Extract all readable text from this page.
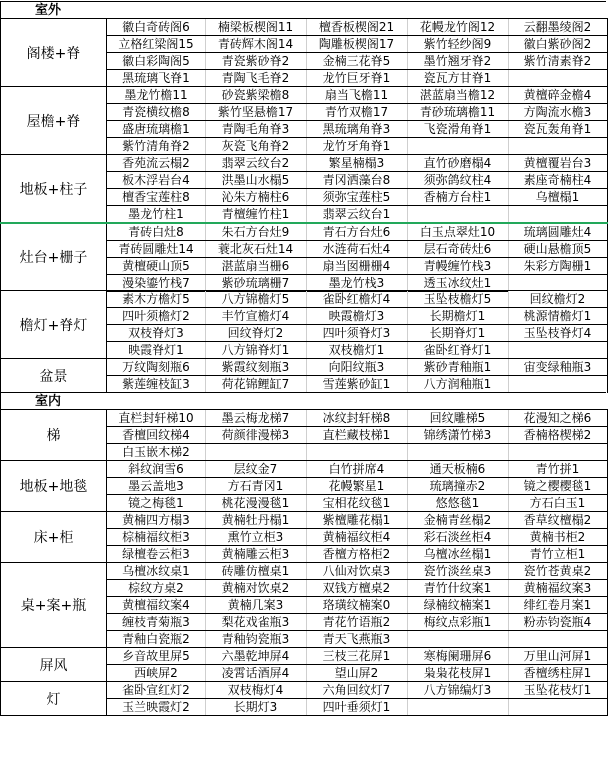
室外
阁楼+脊
徽白奇砖阁6	楠梁板楔阁11	檀香板楔阁21	花幔龙竹阁12	云翻墨绫阁2
立格红梁阁15	青砖辉木阁14	陶雕板楔阁17	紫竹轻纱阁9	徽白紫砂阁2
徽白彩陶阁5	青瓷紫砂脊2	金楠三花脊5	墨竹翘牙脊2	紫竹清素脊2
黑琉璃飞脊1	青陶飞毛脊2	龙竹巨牙脊1	瓷瓦方甘脊1
屋檐+脊
墨龙竹檐11	砂瓷紫梁檐8	扇当飞檐11	湛蓝扇当檐12	黄檀碎金檐4
青瓷横纹檐8	紫竹坚悬檐17	青竹双檐17	青砂琉璃檐11	方陶流水檐3
盛唐琉璃檐1	青陶毛角脊3	黑琉璃角脊3	飞瓷滑角脊1	瓷瓦轰角脊1
紫竹清角脊2	灰瓷飞角脊2	龙竹牙角脊1
地板+柱子
香苑流云榻2	翡翠云纹台2	繁星楠榻3	直竹砂磨榻4	黄檀覆岩台3
板木浮岩台4	洪墨山水榻5	青冈洒藻台8	须弥鸽纹柱4	素座奇楠柱4
檀香宝莲柱8	沁朱方楠柱6	须弥宝莲柱5	香楠方台柱1	乌檀榻1
墨龙竹柱1	青檀缠竹柱1	翡翠云纹台1
灶台+栅子
青砖白灶8	朱石方台灶9	青石方台灶6	白玉点翠灶10	琉璃圆雕灶4
青砖圆雕灶14	蓑北灰石灶14	水涟荷石灶4	层石奇砖灶6	硬山悬檐顶5
黄檀硬山顶5	湛蓝扇当栅6	扇当囡栅栅4	青幔缠竹栈3	朱彩方陶栅1
漫染鎏竹栈7	紫砂琉璃栅7	墨龙竹栈3	透玉冰纹灶1
檐灯+脊灯
素木方檐灯5	八方锦檐灯5	雀卧红檐灯4	玉坠枝檐灯5	回纹檐灯2
四叶须檐灯2	丰竹宣檐灯4	映霞檐灯3	长期檐灯1	桃源情檐灯1
双枝脊灯3	回纹脊灯2	四叶须脊灯3	长期脊灯1	玉坠枝脊灯4
映霞脊灯1	八方锦脊灯1	双枝檐灯1	雀卧红脊灯1
盆景
万纹陶刻瓶6	紫霞纹刻瓶3	向阳纹瓶3	紫砂青釉瓶1	宙变绿釉瓶3
紫莲缠枝缸3	荷花锦鲤缸7	雪莲紫砂缸1	八方润釉瓶1
室内
梯
直栏封轩梯10	墨云梅龙梯7	冰纹封轩梯8	回纹雕梯5	花漫知之梯6
香檀回纹梯4	荷颜徘漫梯3	直栏藏枝梯1	锦绣潇竹梯3	香楠格楔梯2
白玉嵌木梯2
地板+地毯
斜纹润雪6	层纹金7	白竹拼席4	通天板楠6	青竹拼1
墨云盖地3	方石青冈1	花幔繁星1	琉璃撞赤2	镜之樱樱毯1
镜之梅毯1	桃花漫漫毯1	宝相花纹毯1	悠悠毯1	方石白玉1
床+柜
黄楠四方榻3	黄楠牡丹榻1	紫檀雕花榻1	金楠青丝榻2	香草纹檀榻2
棕楠福纹柜3	熏竹立柜3	黄楠福纹柜4	彩石淡丝柜4	黄楠书柜2
绿檀卷云柜3	黄楠雕云柜3	香檀方格柜2	乌檀冰丝榻1	青竹立柜1
桌+案+瓶
乌檀冰纹桌1	砖雕仿檀桌1	八仙对饮桌3	瓷竹淡丝桌3	瓷竹苍黄桌2
棕纹方桌2	黄楠对饮桌2	双钱方檀桌2	青竹什纹案1	黄楠福纹案3
黄檀福纹案4	黄楠几案3	珞璜纹楠案0	绿楠纹楠案1	绯红卷月案1
缠枝青菊瓶3	梨花戏雀瓶3	青花竹语瓶2	梅纹点彩瓶1	粉赤钧瓷瓶4
青釉白瓷瓶2	青釉钧瓷瓶3	青天飞燕瓶3
屏风
乡音故里屏5	六墨乾坤屏4	三枝三花屏1	寒梅阑珊屏6	万里山河屏1
西峡屏2	凌霄话酒屏4	望山屏2	枭枭花枝屏1	香檀绣柱屏1
灯
雀卧宣红灯2	双枝梅灯4	六角回纹灯7	八方锦编灯3	玉坠花枝灯1
玉兰映霞灯2	长期灯3	四叶垂须灯1
